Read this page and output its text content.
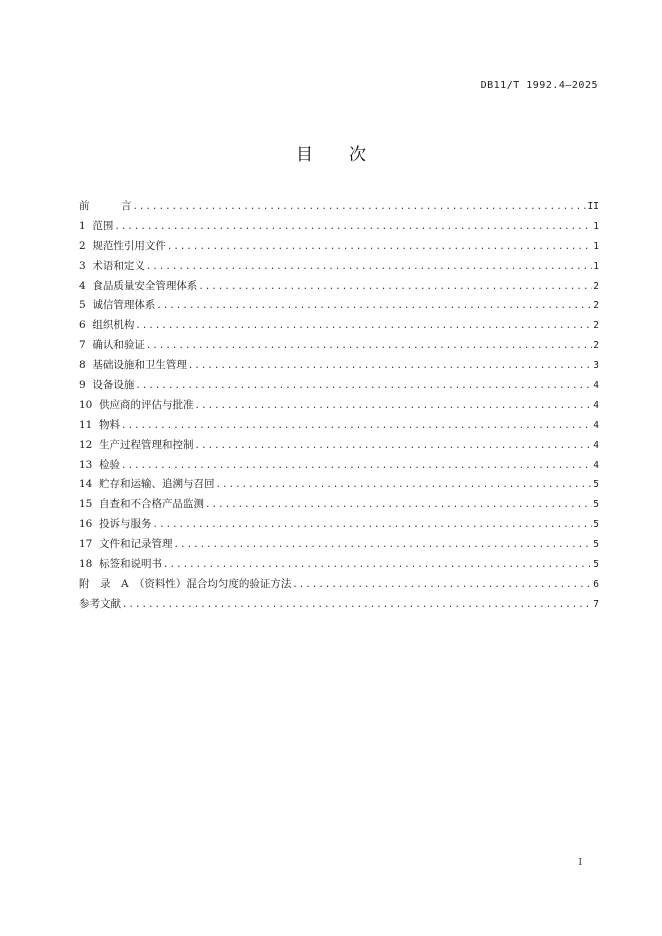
DB11/T 1992.4—2025
目 次
前　　　言 .....	II
1  范围 .....	1
2  规范性引用文件 .....	1
3  术语和定义 .....	1
4  食品质量安全管理体系 .....	2
5  诚信管理体系 .....	2
6  组织机构 .....	2
7  确认和验证 .....	2
8  基础设施和卫生管理 .....	3
9  设备设施 .....	4
10  供应商的评估与批准 .....	4
11  物料 .....	4
12  生产过程管理和控制 .....	4
13  检验 .....	4
14  贮存和运输、追溯与召回 .....	5
15  自查和不合格产品监测 .....	5
16  投诉与服务 .....	5
17  文件和记录管理 .....	5
18  标签和说明书 .....	5
附　录　A　（资料性）混合均匀度的验证方法 .....	6
参考文献 .....	7
I
